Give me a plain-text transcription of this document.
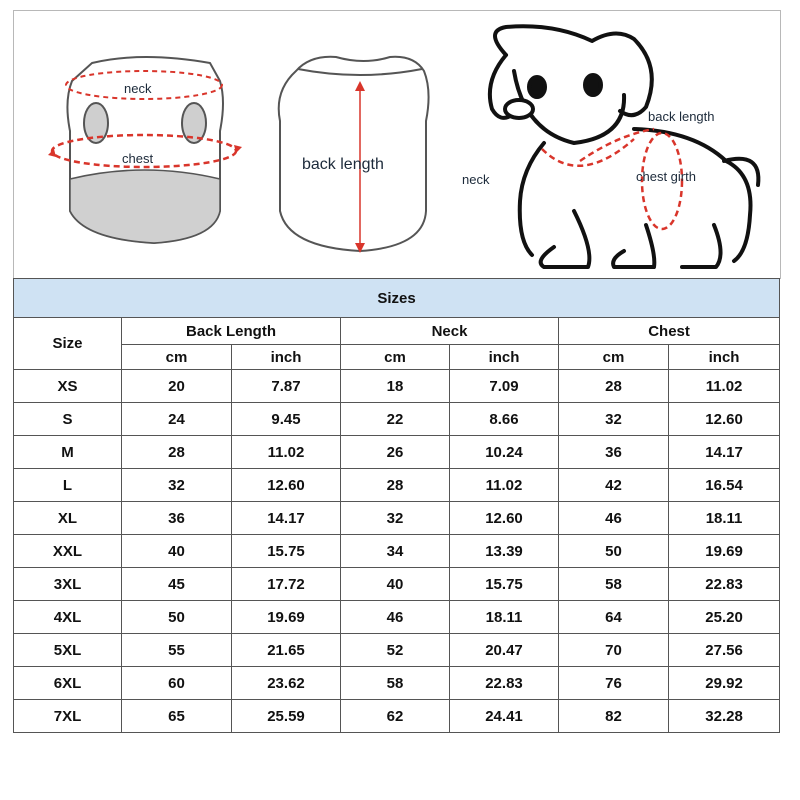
neck
chest	back length
back length
neck	chest girth
Sizes						
Size	Back Length		Neck		Chest	
	cm	inch	cm	inch	cm	inch
XS	20	7.87	18	7.09	28	11.02
S	24	9.45	22	8.66	32	12.60
M	28	11.02	26	10.24	36	14.17
L	32	12.60	28	11.02	42	16.54
XL	36	14.17	32	12.60	46	18.11
XXL	40	15.75	34	13.39	50	19.69
3XL	45	17.72	40	15.75	58	22.83
4XL	50	19.69	46	18.11	64	25.20
5XL	55	21.65	52	20.47	70	27.56
6XL	60	23.62	58	22.83	76	29.92
7XL	65	25.59	62	24.41	82	32.28
